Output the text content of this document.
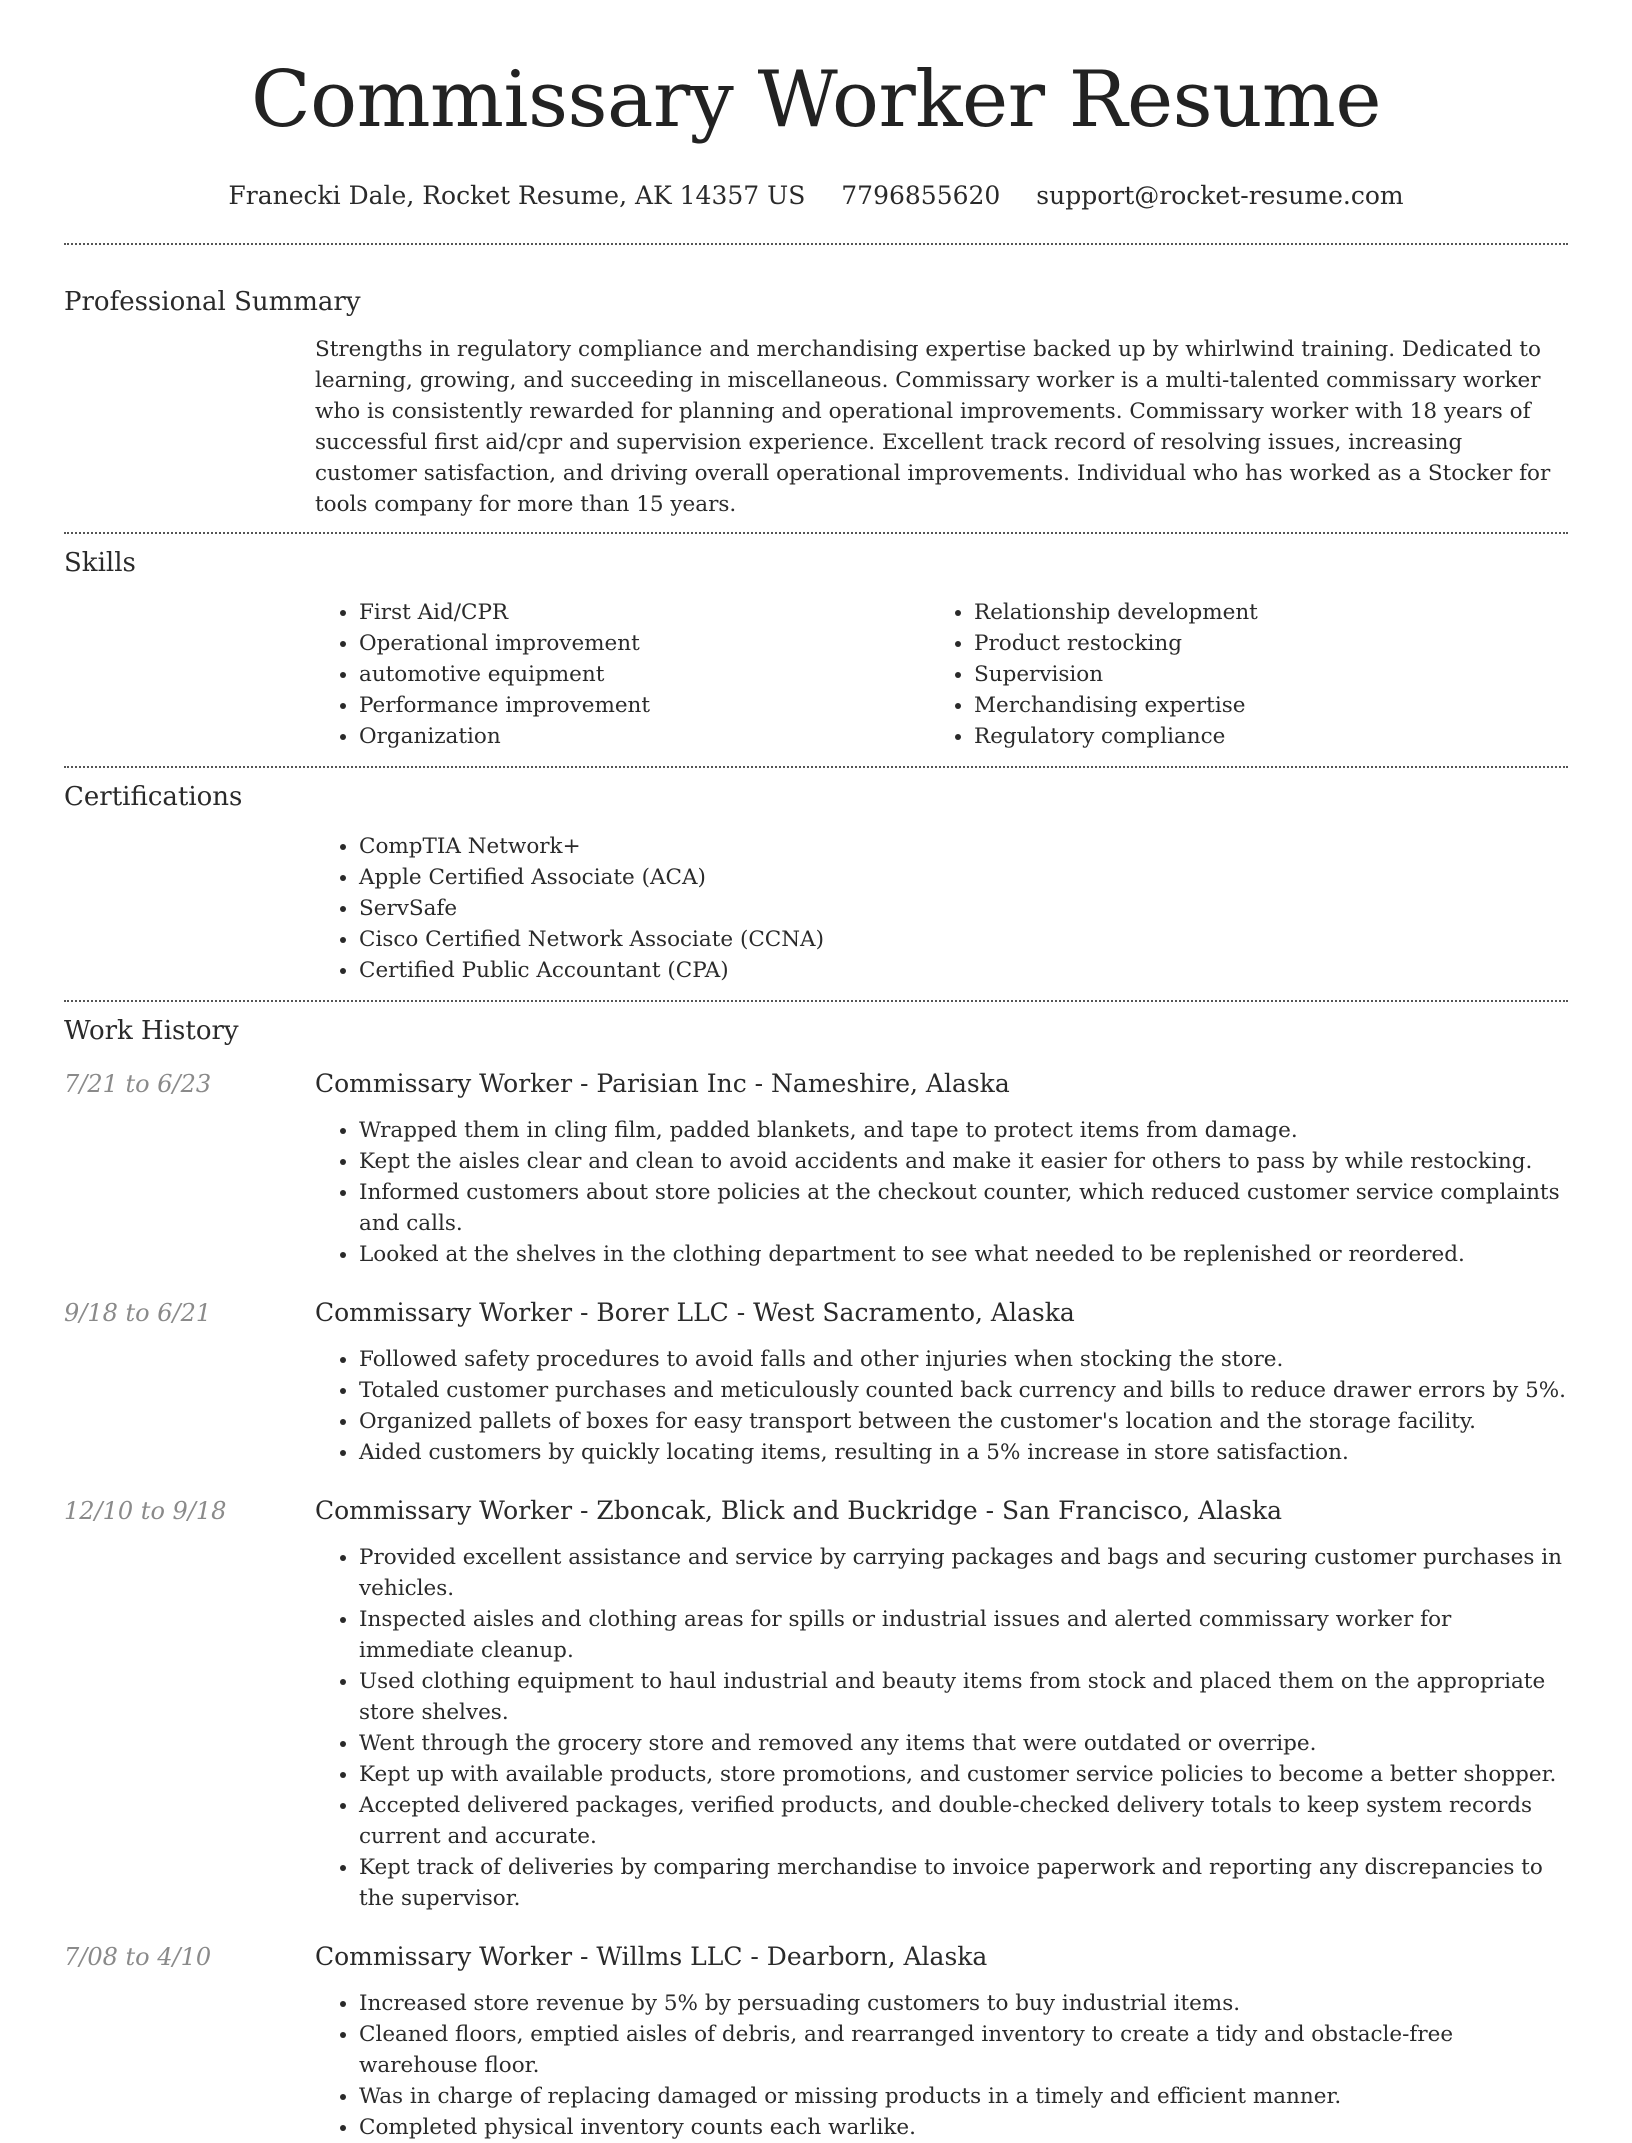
Commissary Worker Resume
Franecki Dale, Rocket Resume, AK 14357 US 7796855620 support@rocket-resume.com
Professional Summary
Strengths in regulatory compliance and merchandising expertise backed up by whirlwind training. Dedicated to learning, growing, and succeeding in miscellaneous. Commissary worker is a multi-talented commissary worker who is consistently rewarded for planning and operational improvements. Commissary worker with 18 years of successful first aid/cpr and supervision experience. Excellent track record of resolving issues, increasing customer satisfaction, and driving overall operational improvements. Individual who has worked as a Stocker for tools company for more than 15 years.
Skills
• First Aid/CPR
• Operational improvement
• automotive equipment
• Performance improvement
• Organization
• Relationship development
• Product restocking
• Supervision
• Merchandising expertise
• Regulatory compliance
Certifications
• CompTIA Network+
• Apple Certified Associate (ACA)
• ServSafe
• Cisco Certified Network Associate (CCNA)
• Certified Public Accountant (CPA)
Work History
7/21 to 6/23	Commissary Worker - Parisian Inc - Nameshire, Alaska
• Wrapped them in cling film, padded blankets, and tape to protect items from damage.
• Kept the aisles clear and clean to avoid accidents and make it easier for others to pass by while restocking.
• Informed customers about store policies at the checkout counter, which reduced customer service complaints and calls.
• Looked at the shelves in the clothing department to see what needed to be replenished or reordered.
9/18 to 6/21	Commissary Worker - Borer LLC - West Sacramento, Alaska
• Followed safety procedures to avoid falls and other injuries when stocking the store.
• Totaled customer purchases and meticulously counted back currency and bills to reduce drawer errors by 5%.
• Organized pallets of boxes for easy transport between the customer's location and the storage facility.
• Aided customers by quickly locating items, resulting in a 5% increase in store satisfaction.
12/10 to 9/18	Commissary Worker - Zboncak, Blick and Buckridge - San Francisco, Alaska
• Provided excellent assistance and service by carrying packages and bags and securing customer purchases in vehicles.
• Inspected aisles and clothing areas for spills or industrial issues and alerted commissary worker for immediate cleanup.
• Used clothing equipment to haul industrial and beauty items from stock and placed them on the appropriate store shelves.
• Went through the grocery store and removed any items that were outdated or overripe.
• Kept up with available products, store promotions, and customer service policies to become a better shopper.
• Accepted delivered packages, verified products, and double-checked delivery totals to keep system records current and accurate.
• Kept track of deliveries by comparing merchandise to invoice paperwork and reporting any discrepancies to the supervisor.
7/08 to 4/10	Commissary Worker - Willms LLC - Dearborn, Alaska
• Increased store revenue by 5% by persuading customers to buy industrial items.
• Cleaned floors, emptied aisles of debris, and rearranged inventory to create a tidy and obstacle-free warehouse floor.
• Was in charge of replacing damaged or missing products in a timely and efficient manner.
• Completed physical inventory counts each warlike.
